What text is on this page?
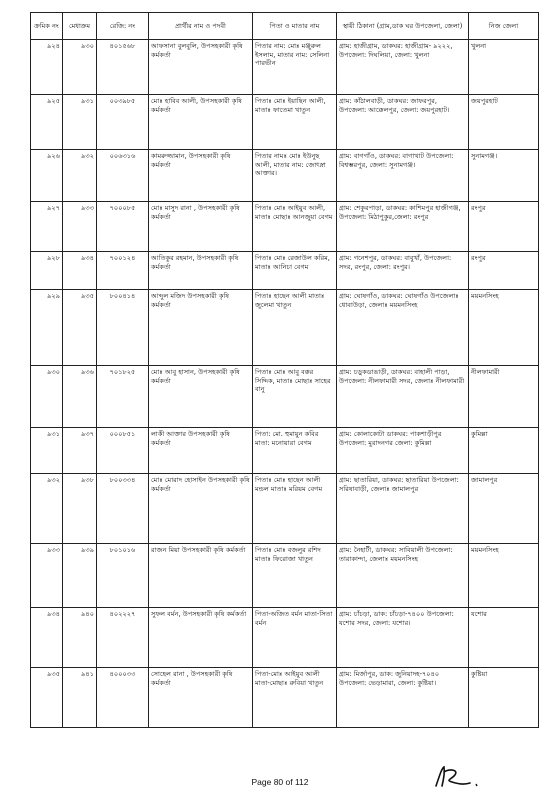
ক্রমিক নং	মেধাক্রম	রেজি: নং	প্রার্থীর নাম ও পদবী	পিতা ও মাতার নাম	স্থায়ী ঠিকানা (গ্রাম,ডাক ঘর উপজেলা, জেলা)	নিজ জেলা
৯২৪	৯৩০	৪০১৫৬৮	আফসানা বুলবুলি, উপসহকারী কৃষি কর্মকর্তা	পিতার নাম: মোঃ মঞ্জুরুল ইসলাম, মাতার নাম: সেলিনা পারভীন	গ্রাম: হাজীগ্রাম, ডাকঘর: হাজীগ্রাম- ৯২২২, উপজেলা: দিঘলিয়া, জেলা: খুলনা	খুলনা
৯২৫	৯৩১	০০৩৯৮৫	মোঃ হাবিব আলী, উপসহকারী কৃষি কর্মকর্তা	পিতাঃ মোঃ ইয়াছিন আলী, মাতাঃ ফাতেমা খাতুন	গ্রাম: কাঁঠালবাড়ী, ডাকঘর: জাফরপুর, উপজেলা: আক্কেলপুর, জেলা: জয়পুরহাট।	জয়পুরহাট
৯২৬	৯৩২	০০৬৩১৬	কামরুজ্জামান, উপসহকারী কৃষি কর্মকর্তা	পিতার নামঃ মোঃ ইউনুছ আলী, মাতার নাম: জোৎস্না আক্তার।	গ্রাম: বাগগাঁও, ডাকঘর: বাগাখাট উপজেলা: বিশ্বম্ভরপুর, জেলা: সুনামগঞ্জ।	সুনামগঞ্জ।
৯২৭	৯৩৩	৭০০০৮৫	মোঃ মাসুদ রানা , উপসহকারী কৃষি কর্মকর্তা	পিতাঃ মোঃ আইয়ুব আলী, মাতাঃ মোছাঃ আনজুয়া বেগম	গ্রাম: শেকুরপাড়া, ডাকঘর: কাশিমপুর হাজীগঞ্জ, উপজেলা: মিঠাপুকুর,জেলা: রংপুর	রংপুর
৯২৮	৯৩৪	৭০০১২৪	আতিকুর রহমান, উপসহকারী কৃষি কর্মকর্তা	পিতাঃ মোঃ রেজাউল করিম, মাতাঃ আনিচা বেগম	গ্রাম: গনেশপুর, ডাকঘর: বাবুখাঁ, উপজেলা: সদর, রংপুর, জেলা: রংপুর।	রংপুর
৯২৯	৯৩৫	৮০০৪১৪	আব্দুল মজিদ উপসহকারী কৃষি কর্মকর্তা	পিতাঃ হাছেন আলী মাতাঃ জুলেমা খাতুন	গ্রাম: ঘোষগাঁও, ডাকঘর: ঘোষগাঁও উপজেলাঃ ধোবাউড়া, জেলাঃ ময়মনসিংহ	ময়মনসিংহ
৯৩০	৯৩৬	৭০১৮২৫	মোঃ আবু হাসান, উপসহকারী কৃষি কর্মকর্তা	পিতাঃ মোঃ আবু বক্কর সিদ্দিক, মাতাঃ মোছাঃ সাহের বানু	গ্রাম: চড়ুকডাঙাড়ী, ডাকঘর: বাহালী পাড়া, উপজেলা: নীলফামারী সদর, জেলাঃ নীলফামারী	নীলফামারী
৯৩১	৯৩৭	০০০৮৫১	লাকী আক্তার উপসহকারী কৃষি কর্মকর্তা	পিতা: মো. হুমায়ুন কবির মাতা: মনোয়ারা বেগম	গ্রাম: কোলাকোটা ডাকঘর: পাকশাড়ীপুর উপজেলা: মুরাদনগর জেলা: কুমিল্লা	কুমিল্লা
৯৩২	৯৩৮	৮০০৩৩৪	মোঃ মোরাদ হোসাইন উপসহকারী কৃষি কর্মকর্তা	পিতাঃ মোঃ হাছেন আলী মন্ডল মাতাঃ মরিয়ম বেগম	গ্রাম: ছাতারিয়া, ডাকঘর: ছাতারিয়া উপজেলা: সরিষাবাড়ী, জেলাঃ জামালপুর	জামালপুর
৯৩৩	৯৩৯	৮০১০১৬	রাজন মিয়া উপসহকারী কৃষি কর্মকর্তা	পিতাঃ মোঃ বজলুর রশিদ মাতাঃ ফিরোজা খাতুন	গ্রাম: নৈহাটী, ডাকঘর: সাবিয়ালী উপজেলা: তারাকান্দা, জেলাঃ ময়মনসিংহ	ময়মনসিংহ
৯৩৪	৯৪০	৪০২২২৭	সুফল বর্মন, উপসহকারী কৃষি কর্মকর্তা	পিতা-অজিত বর্মন মাতা-সিতা বর্মন	গ্রাম: চাঁচড়া, ডাক: চাঁচড়া-৭৪০০ উপজেলা: যশোর সদর, জেলা: যশোর।	যশোর
৯৩৫	৯৪১	৪০০০৩৩	সোহেল রানা , উপসহকারী কৃষি কর্মকর্তা	পিতা-মোঃ আইয়ুব আলী মাতা-মোছাঃ রুবিয়া খাতুন	গ্রাম: মির্জাপুর, ডাক: জুনিয়াদহ-৭০৪০ উপজেলা: ভেড়ামারা, জেলা: কুষ্টিয়া।	কুষ্টিয়া
Page 80 of 112
